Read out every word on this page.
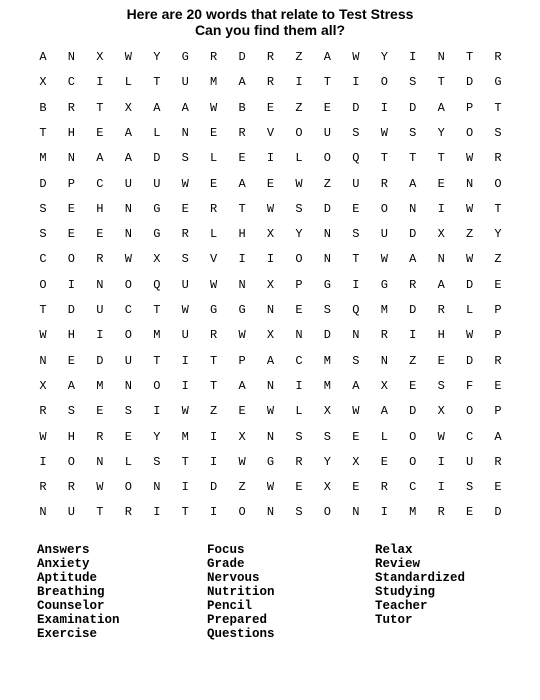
Here are 20 words that relate to Test Stress
Can you find them all?
A	N	X	W	Y	G	R	D	R	Z	A	W	Y	I	N	T	R
X	C	I	L	T	U	M	A	R	I	T	I	O	S	T	D	G
B	R	T	X	A	A	W	B	E	Z	E	D	I	D	A	P	T
T	H	E	A	L	N	E	R	V	O	U	S	W	S	Y	O	S
M	N	A	A	D	S	L	E	I	L	O	Q	T	T	T	W	R
D	P	C	U	U	W	E	A	E	W	Z	U	R	A	E	N	O
S	E	H	N	G	E	R	T	W	S	D	E	O	N	I	W	T
S	E	E	N	G	R	L	H	X	Y	N	S	U	D	X	Z	Y
C	O	R	W	X	S	V	I	I	O	N	T	W	A	N	W	Z
O	I	N	O	Q	U	W	N	X	P	G	I	G	R	A	D	E
T	D	U	C	T	W	G	G	N	E	S	Q	M	D	R	L	P
W	H	I	O	M	U	R	W	X	N	D	N	R	I	H	W	P
N	E	D	U	T	I	T	P	A	C	M	S	N	Z	E	D	R
X	A	M	N	O	I	T	A	N	I	M	A	X	E	S	F	E
R	S	E	S	I	W	Z	E	W	L	X	W	A	D	X	O	P
W	H	R	E	Y	M	I	X	N	S	S	E	L	O	W	C	A
I	O	N	L	S	T	I	W	G	R	Y	X	E	O	I	U	R
R	R	W	O	N	I	D	Z	W	E	X	E	R	C	I	S	E
N	U	T	R	I	T	I	O	N	S	O	N	I	M	R	E	D
Answers
Anxiety
Aptitude
Breathing
Counselor
Examination
Exercise
Focus
Grade
Nervous
Nutrition
Pencil
Prepared
Questions
Relax
Review
Standardized
Studying
Teacher
Tutor
